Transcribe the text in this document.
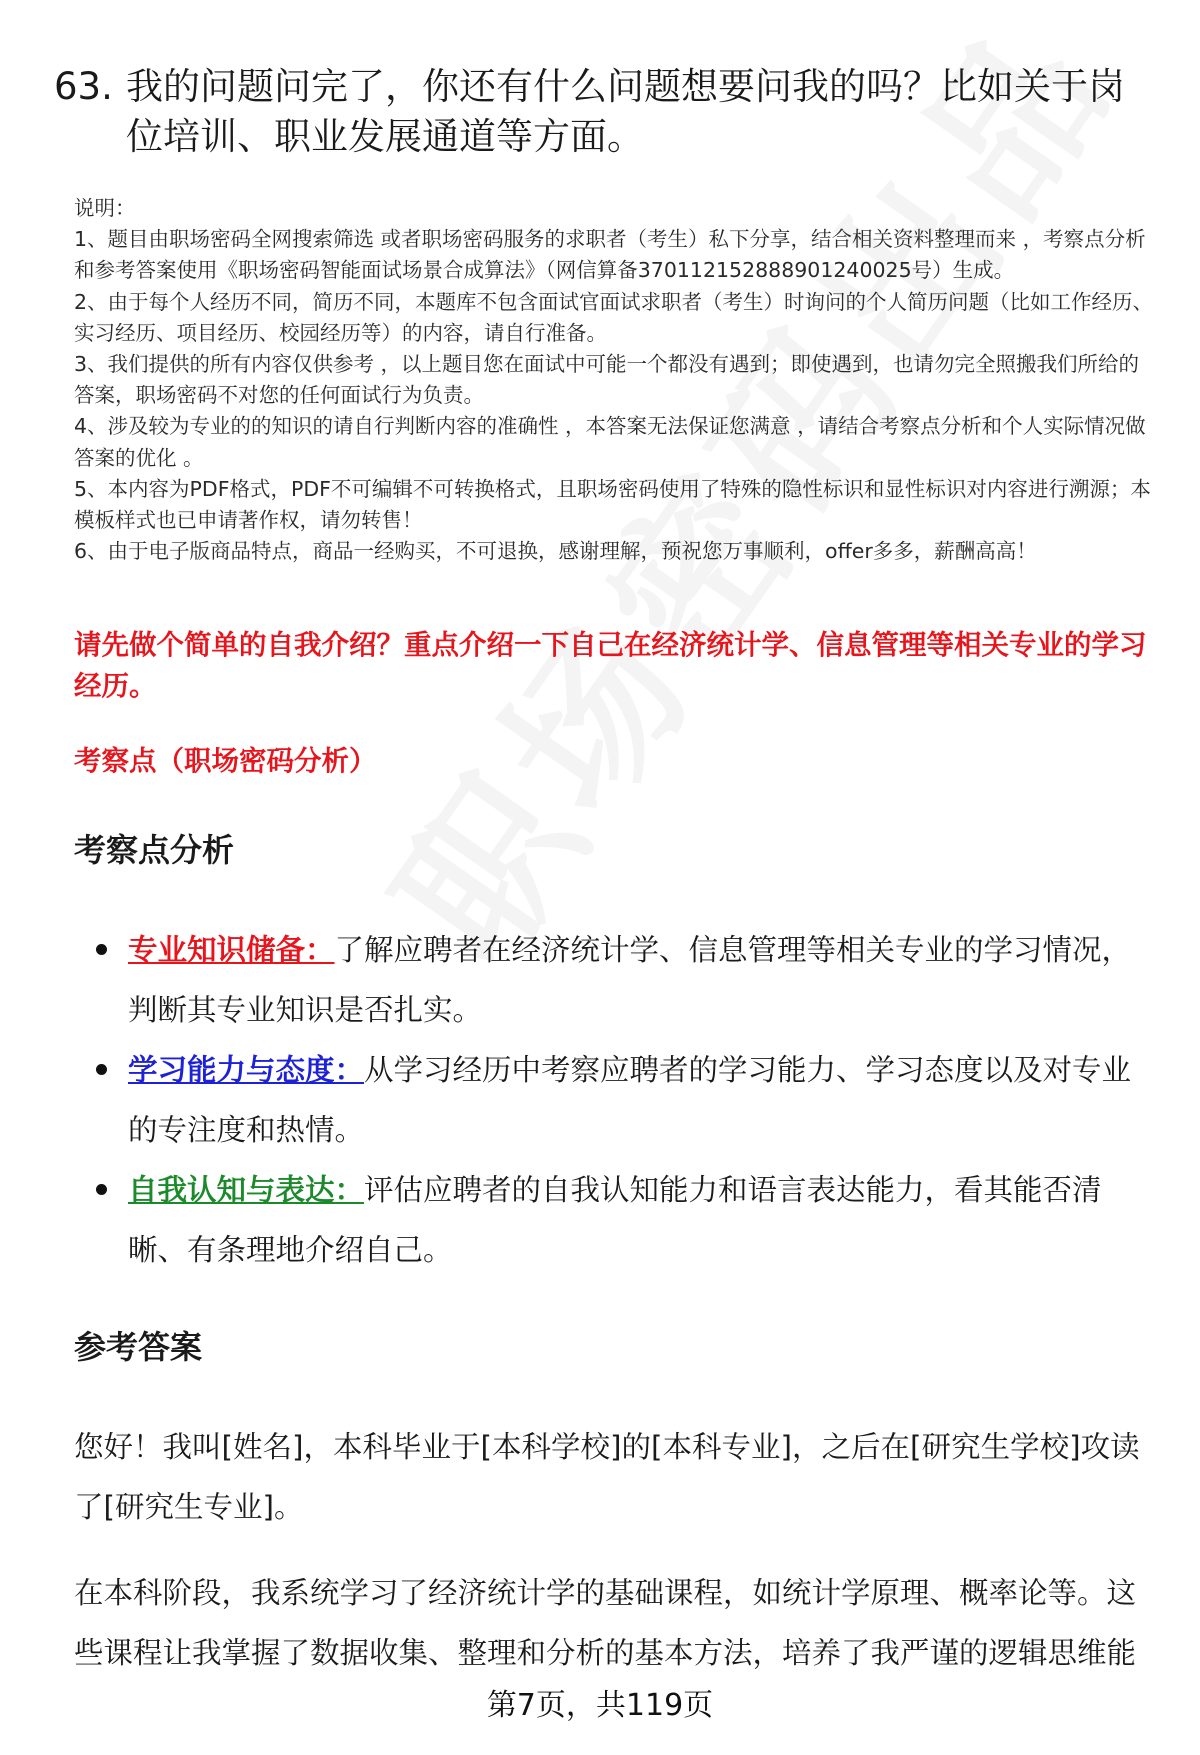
63. 我的问题问完了，你还有什么问题想要问我的吗？比如关于岗位培训、职业发展通道等方面。

说明：

1、题目由职场密码全网搜索筛选 或者职场密码服务的求职者（考生）私下分享，结合相关资料整理而来 ，考察点分析和参考答案使用《职场密码智能面试场景合成算法》（网信算备370112152888901240025号）生成。

2、由于每个人经历不同，简历不同，本题库不包含面试官面试求职者（考生）时询问的个人简历问题（比如工作经历、实习经历、项目经历、校园经历等）的内容，请自行准备。

3、我们提供的所有内容仅供参考 ，以上题目您在面试中可能一个都没有遇到；即使遇到，也请勿完全照搬我们所给的答案，职场密码不对您的任何面试行为负责。

4、涉及较为专业的的知识的请自行判断内容的准确性 ，本答案无法保证您满意 ，请结合考察点分析和个人实际情况做答案的优化 。

5、本内容为PDF格式，PDF不可编辑不可转换格式，且职场密码使用了特殊的隐性标识和显性标识对内容进行溯源；本模板样式也已申请著作权，请勿转售！

6、由于电子版商品特点，商品一经购买，不可退换，感谢理解，预祝您万事顺利，offer多多，薪酬高高！

请先做个简单的自我介绍？重点介绍一下自己在经济统计学、信息管理等相关专业的学习经历。
考察点（职场密码分析）
考察点分析
专业知识储备：了解应聘者在经济统计学、信息管理等相关专业的学习情况，判断其专业知识是否扎实。
学习能力与态度：从学习经历中考察应聘者的学习能力、学习态度以及对专业的专注度和热情。
自我认知与表达：评估应聘者的自我认知能力和语言表达能力，看其能否清晰、有条理地介绍自己。
参考答案

您好！我叫[姓名]，本科毕业于[本科学校]的[本科专业]，之后在[研究生学校]攻读了[研究生专业]。

在本科阶段，我系统学习了经济统计学的基础课程，如统计学原理、概率论等。这些课程让我掌握了数据收集、整理和分析的基本方法，培养了我严谨的逻辑思维能

第7页，共119页
